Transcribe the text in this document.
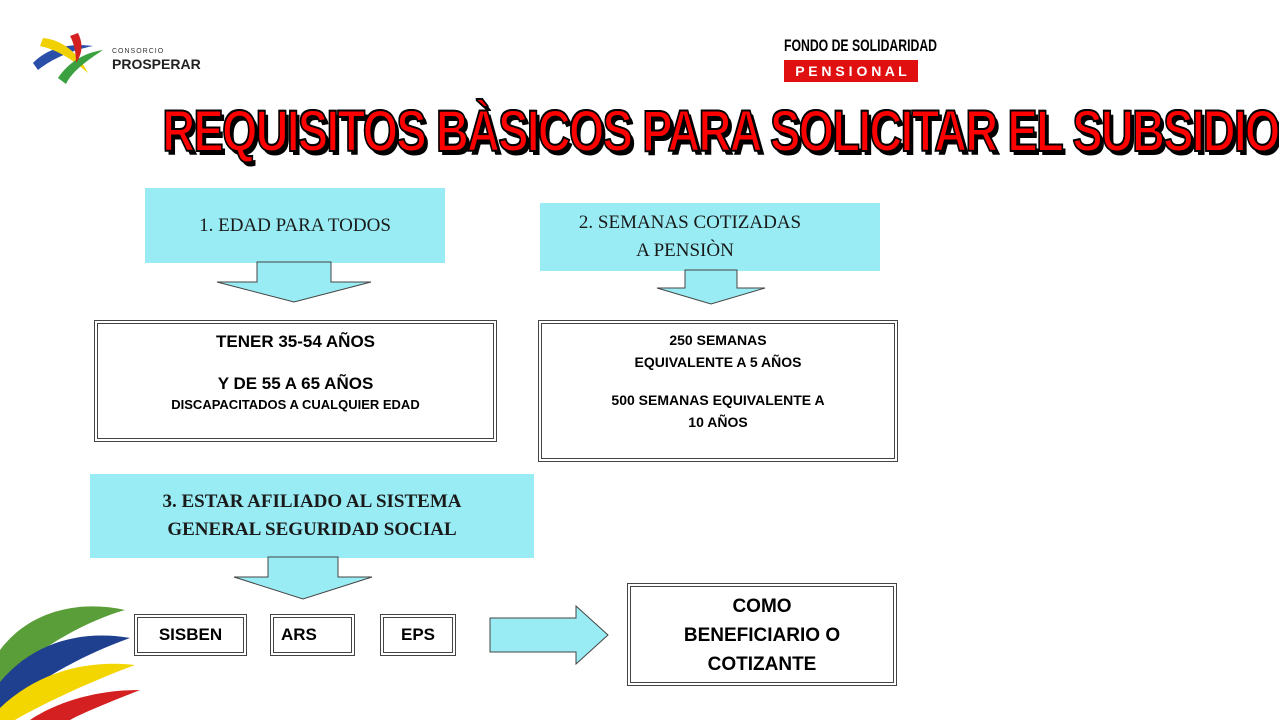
CONSORCIO
PROSPERAR
FONDO DE SOLIDARIDAD
P E N S I O N A L
REQUISITOS BÀSICOS PARA SOLICITAR EL SUBSIDIO
1. EDAD PARA TODOS
TENER 35-54 AÑOS
Y DE 55 A 65 AÑOS
DISCAPACITADOS A CUALQUIER EDAD
2. SEMANAS COTIZADAS
A PENSIÒN
250 SEMANAS
EQUIVALENTE A 5 AÑOS
500 SEMANAS EQUIVALENTE A
10 AÑOS
3. ESTAR AFILIADO AL SISTEMA
GENERAL SEGURIDAD SOCIAL
SISBEN	ARS	EPS
COMO
BENEFICIARIO O
COTIZANTE
